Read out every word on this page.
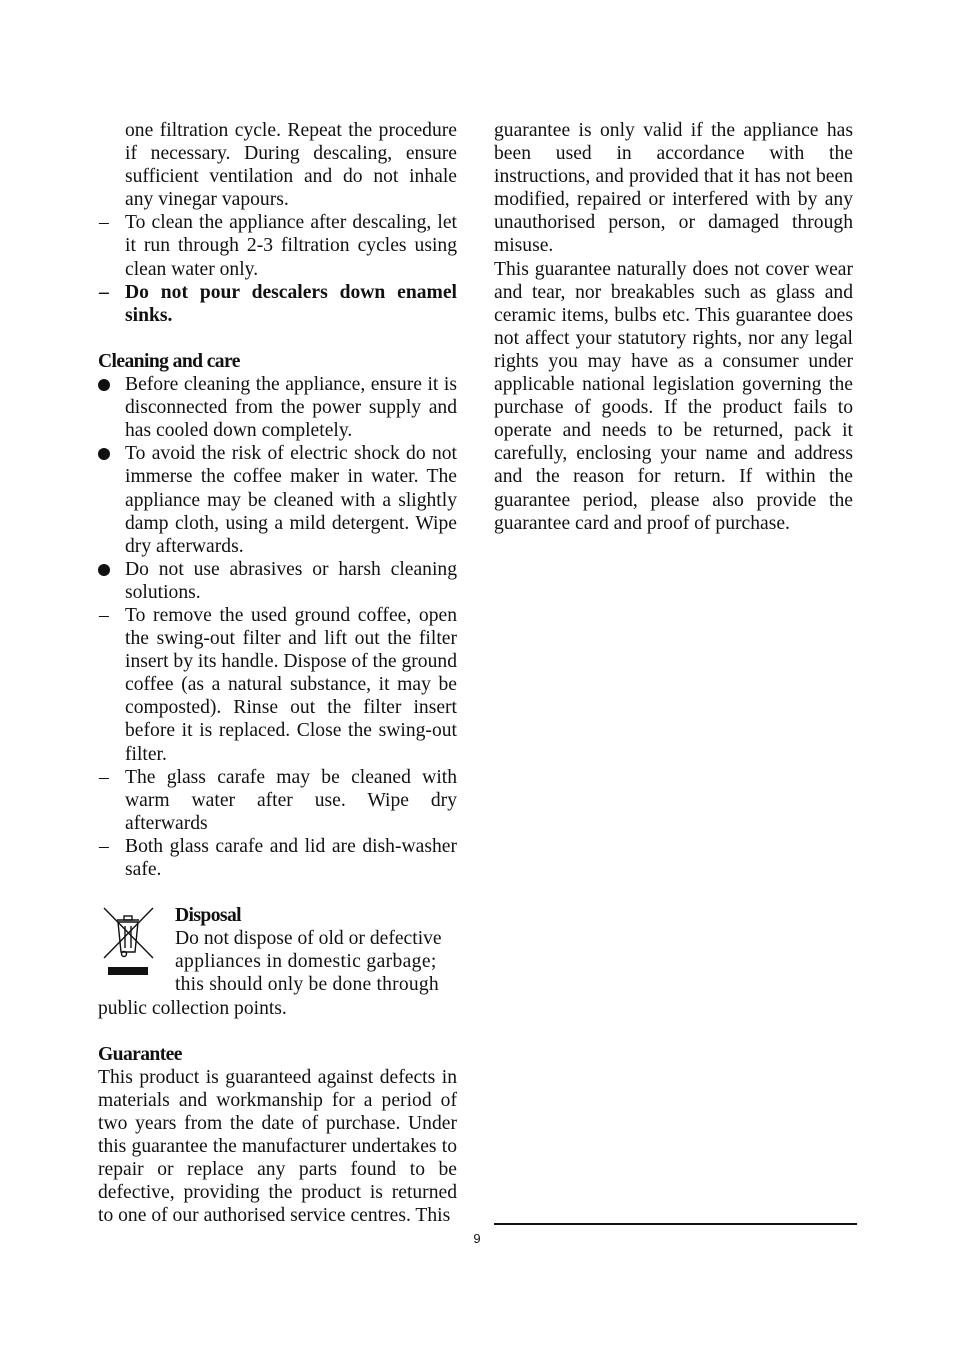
one filtration cycle. Repeat the procedure if necessary. During descaling, ensure sufficient ventilation and do not inhale any vinegar vapours.

– To clean the appliance after descaling, let it run through 2-3 filtration cycles using clean water only.
– Do not pour descalers down enamel sinks.

Cleaning and care

Before cleaning the appliance, ensure it is disconnected from the power supply and has cooled down completely.
To avoid the risk of electric shock do not immerse the coffee maker in water. The appliance may be cleaned with a slightly damp cloth, using a mild detergent. Wipe dry afterwards.
Do not use abrasives or harsh cleaning solutions.
– To remove the used ground coffee, open the swing-out filter and lift out the filter insert by its handle. Dispose of the ground coffee (as a natural substance, it may be composted). Rinse out the filter insert before it is replaced. Close the swing-out filter.
– The glass carafe may be cleaned with warm water after use. Wipe dry afterwards
– Both glass carafe and lid are dish-washer safe.

Disposal

Do not dispose of old or defective
appliances in domestic garbage;
this should only be done through
public collection points.

Guarantee

This product is guaranteed against defects in materials and workmanship for a period of two years from the date of purchase. Under this guarantee the manufacturer undertakes to repair or replace any parts found to be defective, providing the product is returned to one of our authorised service centres. This

guarantee is only valid if the appliance has been used in accordance with the instructions, and provided that it has not been modified, repaired or interfered with by any unauthorised person, or damaged through misuse.

This guarantee naturally does not cover wear and tear, nor breakables such as glass and ceramic items, bulbs etc. This guarantee does not affect your statutory rights, nor any legal rights you may have as a consumer under applicable national legislation governing the purchase of goods. If the product fails to operate and needs to be returned, pack it carefully, enclosing your name and address and the reason for return. If within the guarantee period, please also provide the guarantee card and proof of purchase.

9
